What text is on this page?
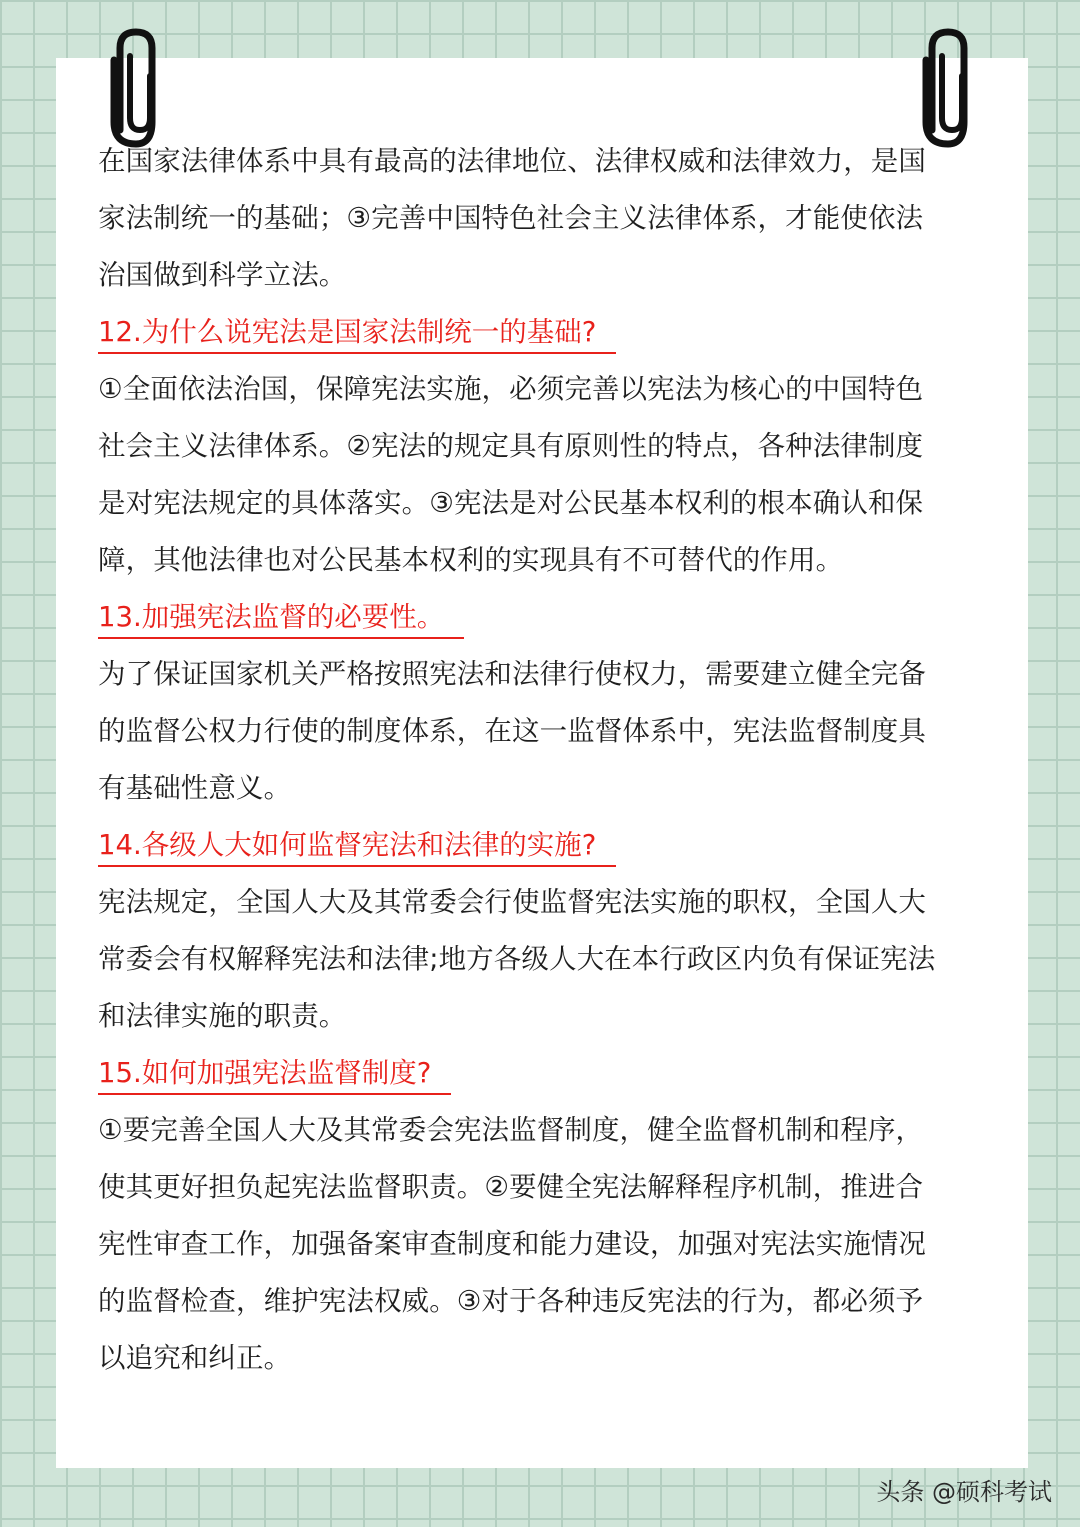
在国家法律体系中具有最高的法律地位、法律权威和法律效力，是国
家法制统一的基础；③完善中国特色社会主义法律体系，才能使依法
治国做到科学立法。
12.为什么说宪法是国家法制统一的基础?
①全面依法治国，保障宪法实施，必须完善以宪法为核心的中国特色
社会主义法律体系。②宪法的规定具有原则性的特点，各种法律制度
是对宪法规定的具体落实。③宪法是对公民基本权利的根本确认和保
障，其他法律也对公民基本权利的实现具有不可替代的作用。
13.加强宪法监督的必要性。
为了保证国家机关严格按照宪法和法律行使权力，需要建立健全完备
的监督公权力行使的制度体系，在这一监督体系中，宪法监督制度具
有基础性意义。
14.各级人大如何监督宪法和法律的实施?
宪法规定，全国人大及其常委会行使监督宪法实施的职权，全国人大
常委会有权解释宪法和法律;地方各级人大在本行政区内负有保证宪法
和法律实施的职责。
15.如何加强宪法监督制度?
①要完善全国人大及其常委会宪法监督制度，健全监督机制和程序，
使其更好担负起宪法监督职责。②要健全宪法解释程序机制，推进合
宪性审查工作，加强备案审查制度和能力建设，加强对宪法实施情况
的监督检查，维护宪法权威。③对于各种违反宪法的行为，都必须予
以追究和纠正。
头条 @硕科考试
